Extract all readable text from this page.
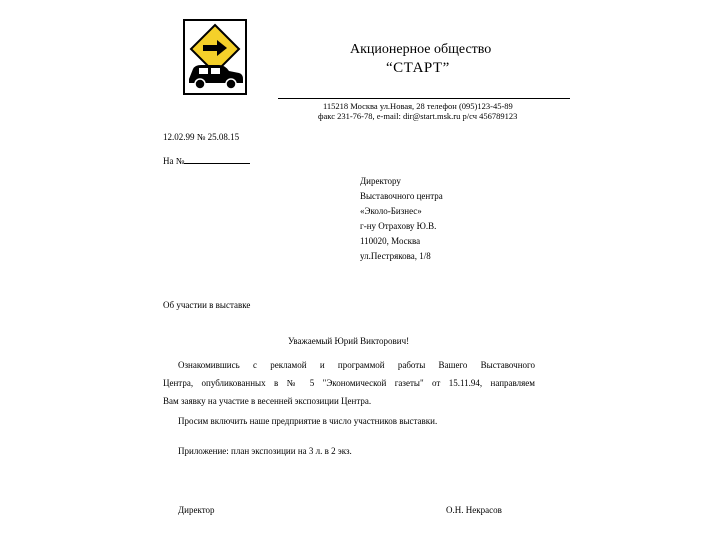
Акционерное общество
“СТАРТ”
115218 Москва ул.Новая, 28 телефон (095)123-45-89
факс 231-76-78, e-mail: dir@start.msk.ru р/сч 456789123
12.02.99 № 25.08.15
На №
Директору
Выставочного центра
«Эколо-Бизнес»
г-ну Отрахову Ю.В.
110020, Москва
ул.Пестрякова, 1/8
Об участии в выставке
Уважаемый Юрий Викторович!
Ознакомившись с рекламой и программой работы Вашего Выставочного
Центра, опубликованных в № 5 "Экономической газеты" от 15.11.94, направляем
Вам заявку на участие в весенней экспозиции Центра.
Просим включить наше предприятие в число участников выставки.
Приложение: план экспозиции на 3 л. в 2 экз.
Директор	О.Н. Некрасов
